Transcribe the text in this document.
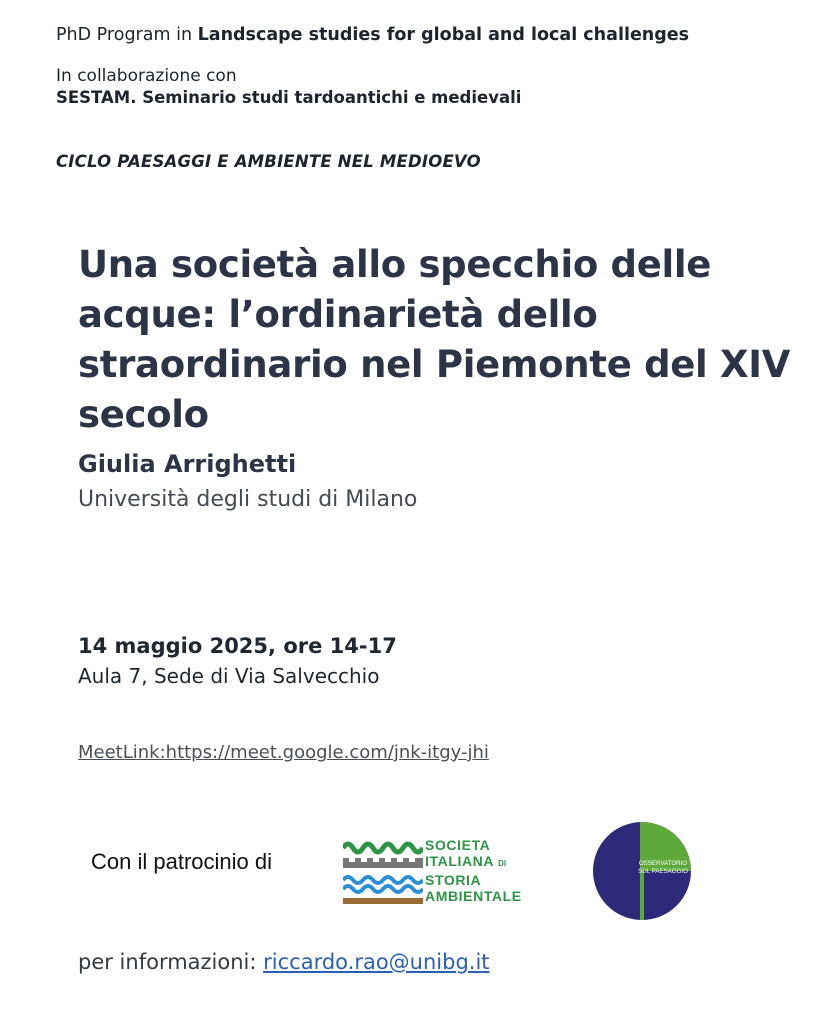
PhD Program in Landscape studies for global and local challenges
In collaborazione con
SESTAM. Seminario studi tardoantichi e medievali
CICLO PAESAGGI E AMBIENTE NEL MEDIOEVO
Una società allo specchio delle
acque: l’ordinarietà dello
straordinario nel Piemonte del XIV
secolo
Giulia Arrighetti
Università degli studi di Milano
14 maggio 2025, ore 14-17
Aula 7, Sede di Via Salvecchio
MeetLink:https://meet.google.com/jnk-itgy-jhi
Con il patrocinio di
SOCIETA
ITALIANA DI
STORIA
AMBIENTALE
OSSERVATORIO
SUL PAESAGGIO
per informazioni: riccardo.rao@unibg.it
